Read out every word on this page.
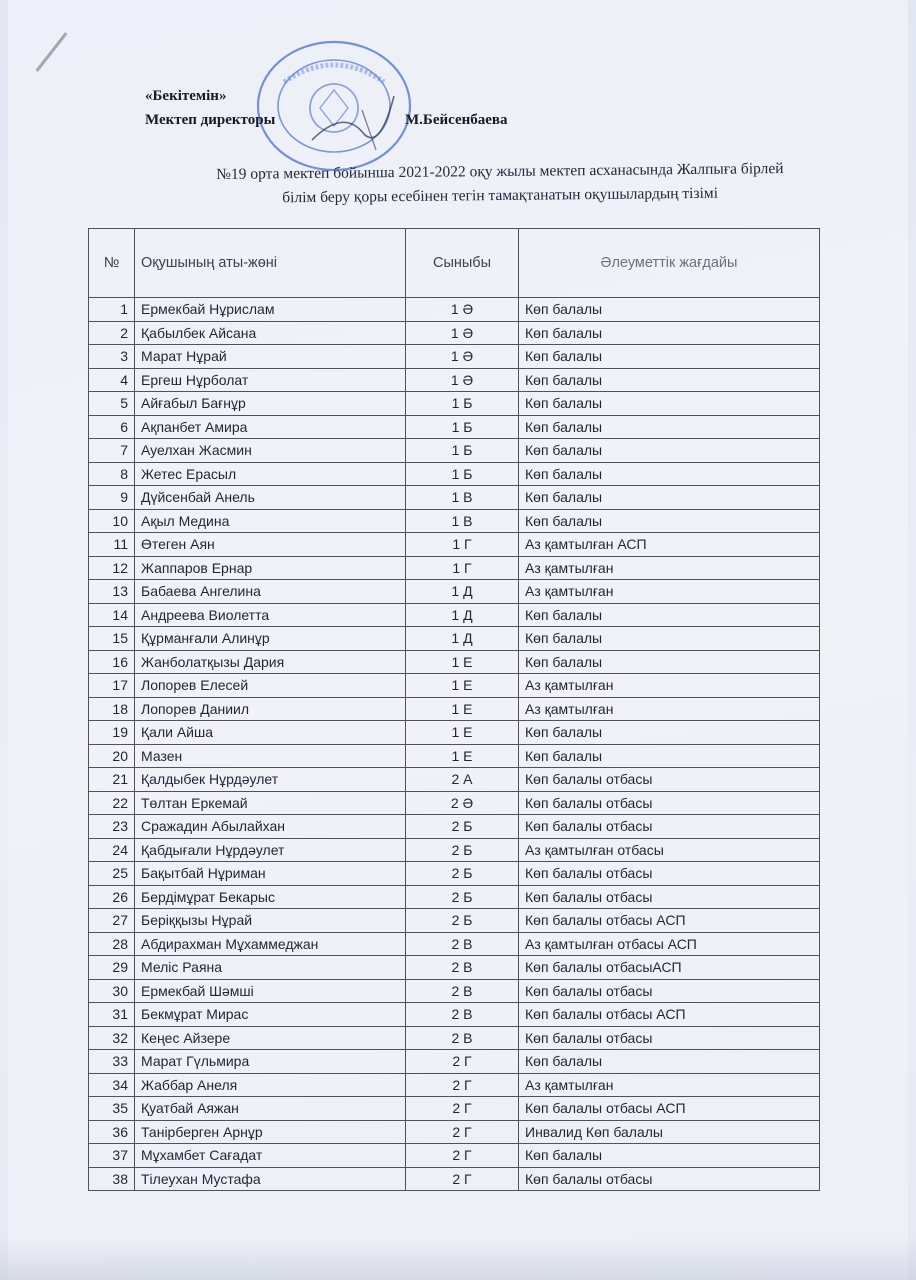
«Бекітемін»
Мектеп директоры	М.Бейсенбаева
№19 орта мектеп бойынша 2021-2022 оқу жылы мектеп асханасында Жалпыға бірлей
білім беру қоры есебінен тегін тамақтанатын оқушылардың тізімі
№	Оқушының аты-жөні	Сыныбы	Әлеуметтік жағдайы
1	Ермекбай Нұрислам	1 Ә	Көп балалы
2	Қабылбек Айсана	1 Ә	Көп балалы
3	Марат Нұрай	1 Ә	Көп балалы
4	Ергеш Нұрболат	1 Ә	Көп балалы
5	Айғабыл Бағнұр	1 Б	Көп балалы
6	Ақпанбет Амира	1 Б	Көп балалы
7	Ауелхан Жасмин	1 Б	Көп балалы
8	Жетес Ерасыл	1 Б	Көп балалы
9	Дүйсенбай Анель	1 В	Көп балалы
10	Ақыл Медина	1 В	Көп балалы
11	Өтеген Аян	1 Г	Аз қамтылған АСП
12	Жаппаров Ернар	1 Г	Аз қамтылған
13	Бабаева Ангелина	1 Д	Аз қамтылған
14	Андреева Виолетта	1 Д	Көп балалы
15	Құрманғали Алинұр	1 Д	Көп балалы
16	Жанболатқызы Дария	1 Е	Көп балалы
17	Лопорев Елесей	1 Е	Аз қамтылған
18	Лопорев Даниил	1 Е	Аз қамтылған
19	Қали Айша	1 Е	Көп балалы
20	Мазен	1 Е	Көп балалы
21	Қалдыбек Нұрдәулет	2 А	Көп балалы отбасы
22	Төлтан Еркемай	2 Ә	Көп балалы отбасы
23	Сражадин Абылайхан	2 Б	Көп балалы отбасы
24	Қабдығали Нұрдәулет	2 Б	Аз қамтылған отбасы
25	Бақытбай Нұриман	2 Б	Көп балалы отбасы
26	Бердімұрат Бекарыс	2 Б	Көп балалы отбасы
27	Беріққызы Нұрай	2 Б	Көп балалы отбасы АСП
28	Абдирахман Мұхаммеджан	2 В	Аз қамтылған отбасы АСП
29	Меліс Раяна	2 В	Көп балалы отбасыАСП
30	Ермекбай Шәмші	2 В	Көп балалы отбасы
31	Бекмұрат Мирас	2 В	Көп балалы отбасы АСП
32	Кеңес Айзере	2 В	Көп балалы отбасы
33	Марат Гүльмира	2 Г	Көп балалы
34	Жаббар Анеля	2 Г	Аз қамтылған
35	Қуатбай Аяжан	2 Г	Көп балалы отбасы АСП
36	Танірберген Арнұр	2 Г	Инвалид Көп балалы
37	Мұхамбет Сағадат	2 Г	Көп балалы
38	Тілеухан Мустафа	2 Г	Көп балалы отбасы
